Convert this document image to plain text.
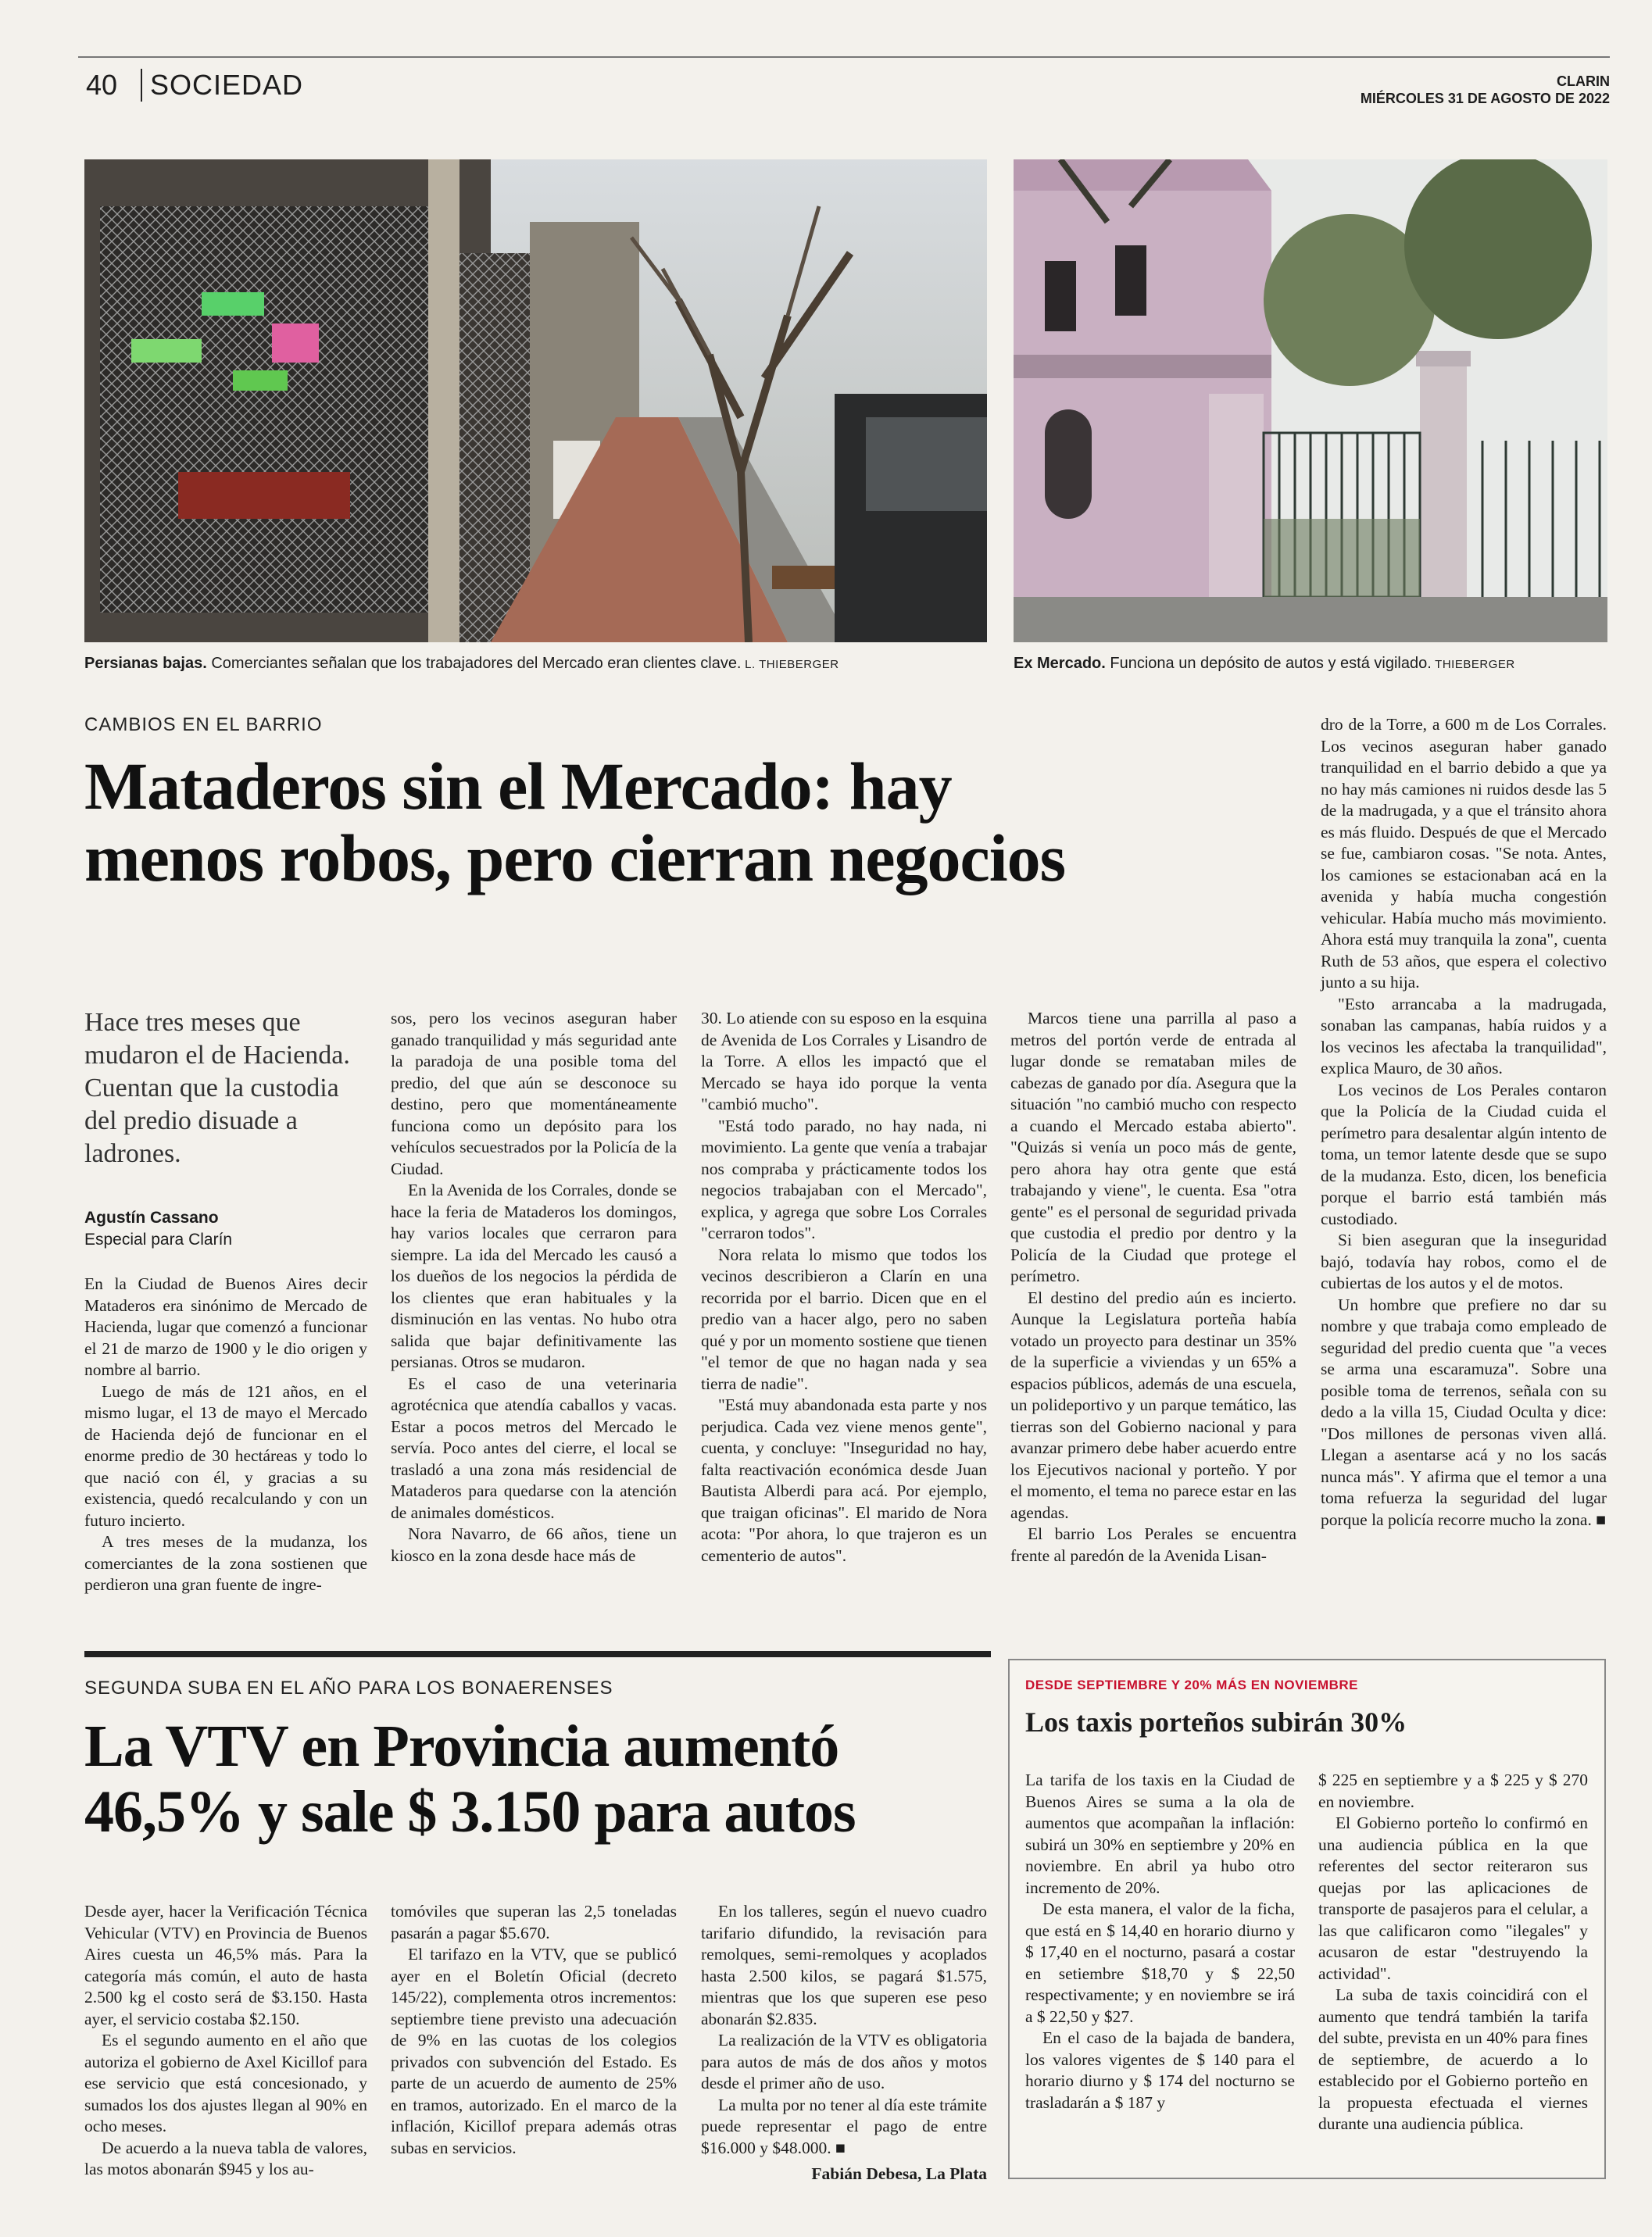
40	SOCIEDAD	CLARIN
MIÉRCOLES 31 DE AGOSTO DE 2022
Persianas bajas. Comerciantes señalan que los trabajadores del Mercado eran clientes clave. L. THIEBERGER	Ex Mercado. Funciona un depósito de autos y está vigilado. THIEBERGER
CAMBIOS EN EL BARRIO
Mataderos sin el Mercado: hay
menos robos, pero cierran negocios
Hace tres meses que mudaron el de Hacienda. Cuentan que la custodia del predio disuade a ladrones.
Agustín Cassano
Especial para Clarín

En la Ciudad de Buenos Aires decir Mataderos era sinónimo de Mercado de Hacienda, lugar que comenzó a funcionar el 21 de marzo de 1900 y le dio origen y nombre al barrio.

Luego de más de 121 años, en el mismo lugar, el 13 de mayo el Mercado de Hacienda dejó de funcionar en el enorme predio de 30 hectáreas y todo lo que nació con él, y gracias a su existencia, quedó recalculando y con un futuro incierto.

A tres meses de la mudanza, los comerciantes de la zona sostienen que perdieron una gran fuente de ingre-

sos, pero los vecinos aseguran haber ganado tranquilidad y más seguridad ante la paradoja de una posible toma del predio, del que aún se desconoce su destino, pero que momentáneamente funciona como un depósito para los vehículos secuestrados por la Policía de la Ciudad.

En la Avenida de los Corrales, donde se hace la feria de Mataderos los domingos, hay varios locales que cerraron para siempre. La ida del Mercado les causó a los dueños de los negocios la pérdida de los clientes que eran habituales y la disminución en las ventas. No hubo otra salida que bajar definitivamente las persianas. Otros se mudaron.

Es el caso de una veterinaria agrotécnica que atendía caballos y vacas. Estar a pocos metros del Mercado le servía. Poco antes del cierre, el local se trasladó a una zona más residencial de Mataderos para quedarse con la atención de animales domésticos.

Nora Navarro, de 66 años, tiene un kiosco en la zona desde hace más de

30. Lo atiende con su esposo en la esquina de Avenida de Los Corrales y Lisandro de la Torre. A ellos les impactó que el Mercado se haya ido porque la venta "cambió mucho".

"Está todo parado, no hay nada, ni movimiento. La gente que venía a trabajar nos compraba y prácticamente todos los negocios trabajaban con el Mercado", explica, y agrega que sobre Los Corrales "cerraron todos".

Nora relata lo mismo que todos los vecinos describieron a Clarín en una recorrida por el barrio. Dicen que en el predio van a hacer algo, pero no saben qué y por un momento sostiene que tienen "el temor de que no hagan nada y sea tierra de nadie".

"Está muy abandonada esta parte y nos perjudica. Cada vez viene menos gente", cuenta, y concluye: "Inseguridad no hay, falta reactivación económica desde Juan Bautista Alberdi para acá. Por ejemplo, que traigan oficinas". El marido de Nora acota: "Por ahora, lo que trajeron es un cementerio de autos".

Marcos tiene una parrilla al paso a metros del portón verde de entrada al lugar donde se remataban miles de cabezas de ganado por día. Asegura que la situación "no cambió mucho con respecto a cuando el Mercado estaba abierto". "Quizás si venía un poco más de gente, pero ahora hay otra gente que está trabajando y viene", le cuenta. Esa "otra gente" es el personal de seguridad privada que custodia el predio por dentro y la Policía de la Ciudad que protege el perímetro.

El destino del predio aún es incierto. Aunque la Legislatura porteña había votado un proyecto para destinar un 35% de la superficie a viviendas y un 65% a espacios públicos, además de una escuela, un polideportivo y un parque temático, las tierras son del Gobierno nacional y para avanzar primero debe haber acuerdo entre los Ejecutivos nacional y porteño. Y por el momento, el tema no parece estar en las agendas.

El barrio Los Perales se encuentra frente al paredón de la Avenida Lisan-

dro de la Torre, a 600 m de Los Corrales. Los vecinos aseguran haber ganado tranquilidad en el barrio debido a que ya no hay más camiones ni ruidos desde las 5 de la madrugada, y a que el tránsito ahora es más fluido. Después de que el Mercado se fue, cambiaron cosas. "Se nota. Antes, los camiones se estacionaban acá en la avenida y había mucha congestión vehicular. Había mucho más movimiento. Ahora está muy tranquila la zona", cuenta Ruth de 53 años, que espera el colectivo junto a su hija.

"Esto arrancaba a la madrugada, sonaban las campanas, había ruidos y a los vecinos les afectaba la tranquilidad", explica Mauro, de 30 años.

Los vecinos de Los Perales contaron que la Policía de la Ciudad cuida el perímetro para desalentar algún intento de toma, un temor latente desde que se supo de la mudanza. Esto, dicen, los beneficia porque el barrio está también más custodiado.

Si bien aseguran que la inseguridad bajó, todavía hay robos, como el de cubiertas de los autos y el de motos.

Un hombre que prefiere no dar su nombre y que trabaja como empleado de seguridad del predio cuenta que "a veces se arma una escaramuza". Sobre una posible toma de terrenos, señala con su dedo a la villa 15, Ciudad Oculta y dice: "Dos millones de personas viven allá. Llegan a asentarse acá y no los sacás nunca más". Y afirma que el temor a una toma refuerza la seguridad del lugar porque la policía recorre mucho la zona. ■

SEGUNDA SUBA EN EL AÑO PARA LOS BONAERENSES
La VTV en Provincia aumentó
46,5% y sale $ 3.150 para autos

Desde ayer, hacer la Verificación Técnica Vehicular (VTV) en Provincia de Buenos Aires cuesta un 46,5% más. Para la categoría más común, el auto de hasta 2.500 kg el costo será de $3.150. Hasta ayer, el servicio costaba $2.150.

Es el segundo aumento en el año que autoriza el gobierno de Axel Kicillof para ese servicio que está concesionado, y sumados los dos ajustes llegan al 90% en ocho meses.

De acuerdo a la nueva tabla de valores, las motos abonarán $945 y los au-

tomóviles que superan las 2,5 toneladas pasarán a pagar $5.670.

El tarifazo en la VTV, que se publicó ayer en el Boletín Oficial (decreto 145/22), complementa otros incrementos: septiembre tiene previsto una adecuación de 9% en las cuotas de los colegios privados con subvención del Estado. Es parte de un acuerdo de aumento de 25% en tramos, autorizado. En el marco de la inflación, Kicillof prepara además otras subas en servicios.

En los talleres, según el nuevo cuadro tarifario difundido, la revisación para remolques, semi-remolques y acoplados hasta 2.500 kilos, se pagará $1.575, mientras que los que superen ese peso abonarán $2.835.

La realización de la VTV es obligatoria para autos de más de dos años y motos desde el primer año de uso.

La multa por no tener al día este trámite puede representar el pago de entre $16.000 y $48.000. ■

Fabián Debesa, La Plata

DESDE SEPTIEMBRE Y 20% MÁS EN NOVIEMBRE
Los taxis porteños subirán 30%

La tarifa de los taxis en la Ciudad de Buenos Aires se suma a la ola de aumentos que acompañan la inflación: subirá un 30% en septiembre y 20% en noviembre. En abril ya hubo otro incremento de 20%.

De esta manera, el valor de la ficha, que está en $ 14,40 en horario diurno y $ 17,40 en el nocturno, pasará a costar en setiembre $18,70 y $ 22,50 respectivamente; y en noviembre se irá a $ 22,50 y $27.

En el caso de la bajada de bandera, los valores vigentes de $ 140 para el horario diurno y $ 174 del nocturno se trasladarán a $ 187 y

$ 225 en septiembre y a $ 225 y $ 270 en noviembre.

El Gobierno porteño lo confirmó en una audiencia pública en la que referentes del sector reiteraron sus quejas por las aplicaciones de transporte de pasajeros para el celular, a las que calificaron como "ilegales" y acusaron de estar "destruyendo la actividad".

La suba de taxis coincidirá con el aumento que tendrá también la tarifa del subte, prevista en un 40% para fines de septiembre, de acuerdo a lo establecido por el Gobierno porteño en la propuesta efectuada el viernes durante una audiencia pública.
